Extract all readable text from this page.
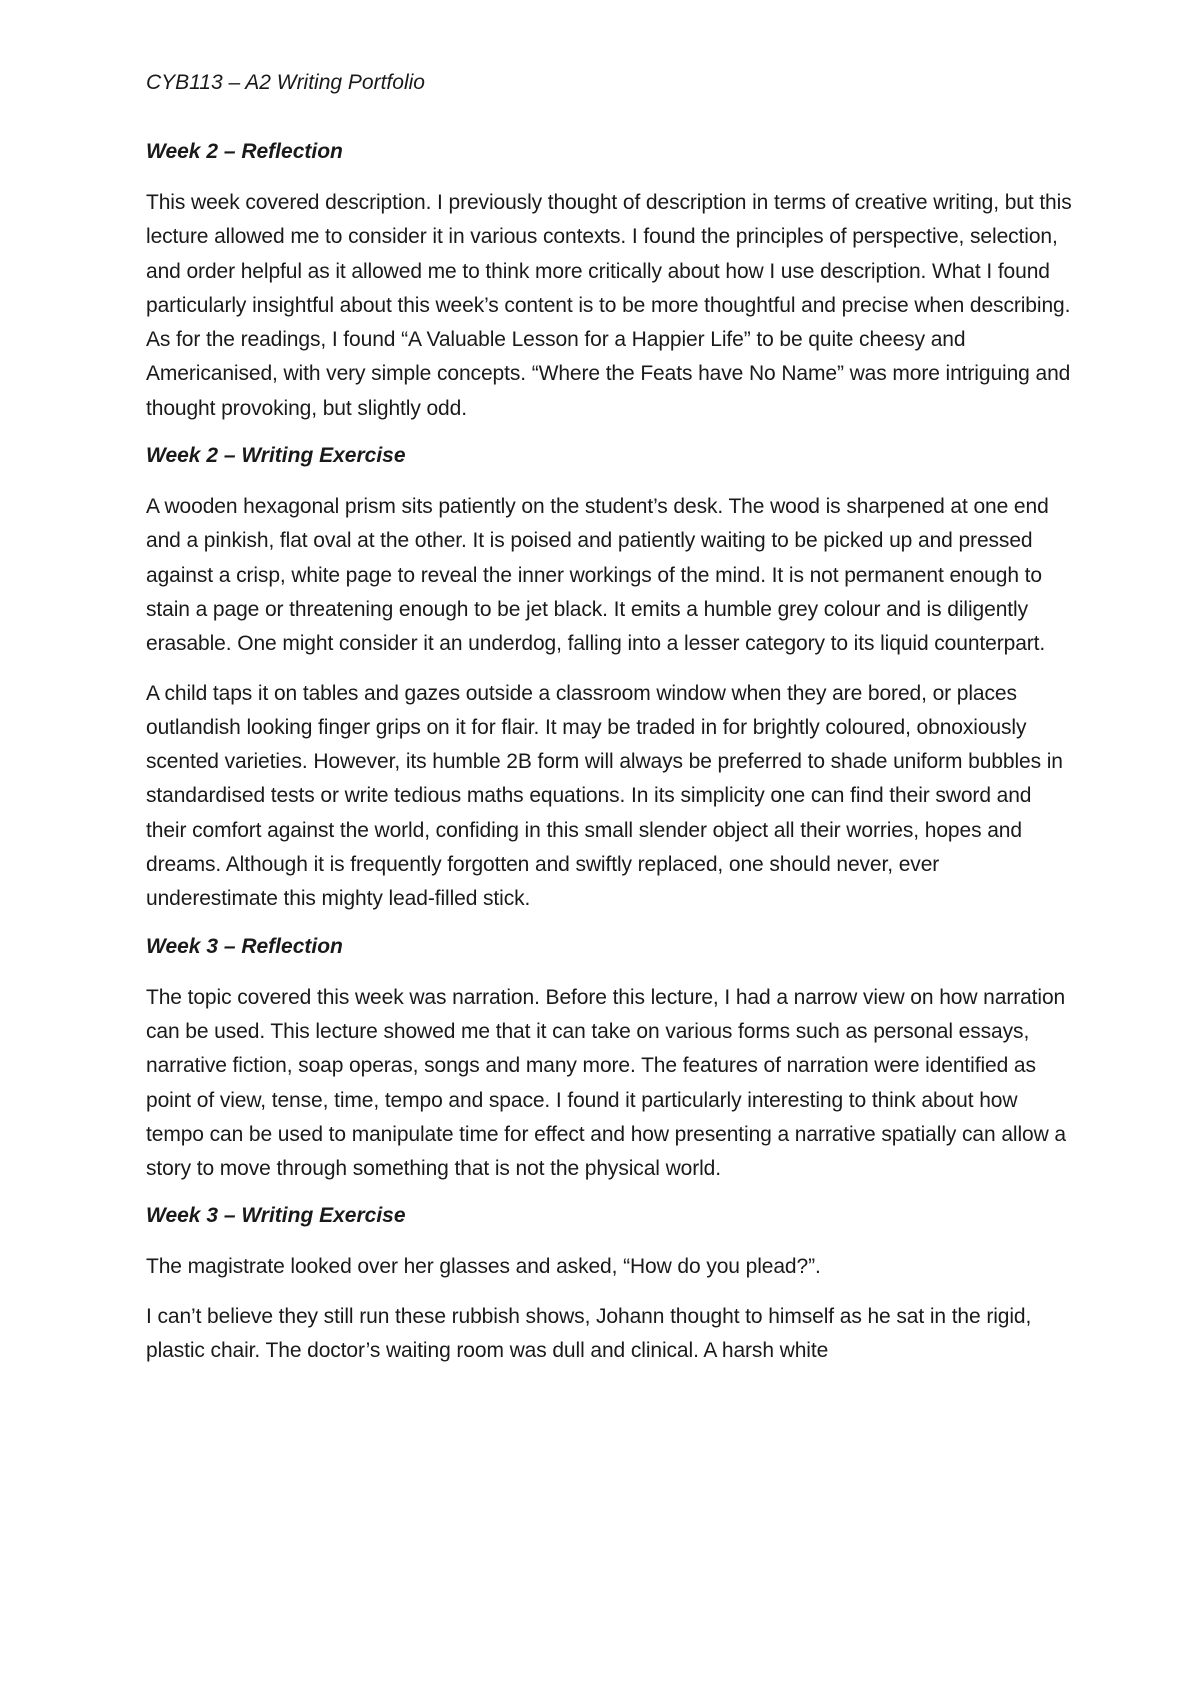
CYB113 – A2 Writing Portfolio
Week 2 – Reflection

This week covered description. I previously thought of description in terms of creative writing, but this lecture allowed me to consider it in various contexts. I found the principles of perspective, selection, and order helpful as it allowed me to think more critically about how I use description. What I found particularly insightful about this week’s content is to be more thoughtful and precise when describing. As for the readings, I found “A Valuable Lesson for a Happier Life” to be quite cheesy and Americanised, with very simple concepts. “Where the Feats have No Name” was more intriguing and thought provoking, but slightly odd.

Week 2 – Writing Exercise

A wooden hexagonal prism sits patiently on the student’s desk. The wood is sharpened at one end and a pinkish, flat oval at the other. It is poised and patiently waiting to be picked up and pressed against a crisp, white page to reveal the inner workings of the mind. It is not permanent enough to stain a page or threatening enough to be jet black. It emits a humble grey colour and is diligently erasable. One might consider it an underdog, falling into a lesser category to its liquid counterpart.

A child taps it on tables and gazes outside a classroom window when they are bored, or places outlandish looking finger grips on it for flair. It may be traded in for brightly coloured, obnoxiously scented varieties. However, its humble 2B form will always be preferred to shade uniform bubbles in standardised tests or write tedious maths equations. In its simplicity one can find their sword and their comfort against the world, confiding in this small slender object all their worries, hopes and dreams. Although it is frequently forgotten and swiftly replaced, one should never, ever underestimate this mighty lead-filled stick.

Week 3 – Reflection

The topic covered this week was narration. Before this lecture, I had a narrow view on how narration can be used. This lecture showed me that it can take on various forms such as personal essays, narrative fiction, soap operas, songs and many more. The features of narration were identified as point of view, tense, time, tempo and space. I found it particularly interesting to think about how tempo can be used to manipulate time for effect and how presenting a narrative spatially can allow a story to move through something that is not the physical world.

Week 3 – Writing Exercise

The magistrate looked over her glasses and asked, “How do you plead?”.

I can’t believe they still run these rubbish shows, Johann thought to himself as he sat in the rigid, plastic chair. The doctor’s waiting room was dull and clinical. A harsh white
